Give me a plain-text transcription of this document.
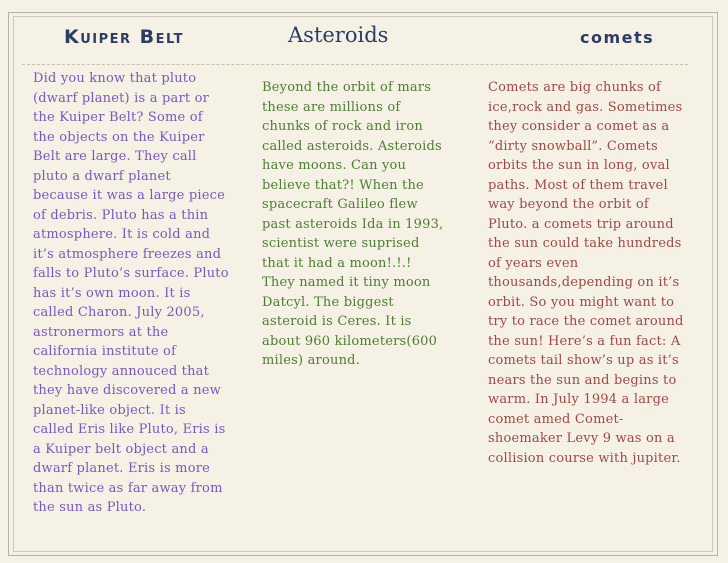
Kuiper Belt	Asteroids	comets

Did you know that pluto (dwarf planet) is a part or the Kuiper Belt? Some of the objects on the Kuiper Belt are large. They call pluto a dwarf planet because it was a large piece of debris. Pluto has a thin atmosphere. It is cold and it’s atmosphere freezes and falls to Pluto’s surface. Pluto has it’s own moon. It is called Charon. July 2005, astronermors at the california institute of technology annouced that they have discovered a new planet-like object. It is called Eris like Pluto, Eris is a Kuiper belt object and a dwarf planet. Eris is more than twice as far away from the sun as Pluto.

Beyond the orbit of mars these are millions of chunks of rock and iron called asteroids. Asteroids have moons. Can you believe that?! When the spacecraft Galileo flew past asteroids Ida in 1993, scientist were suprised that it had a moon!.!.! They named it tiny moon Datcyl. The biggest asteroid is Ceres. It is about 960 kilometers(600 miles) around.

Comets are big chunks of ice,rock and gas. Sometimes they consider a comet as a “dirty snowball”. Comets orbits the sun in long, oval paths. Most of them travel way beyond the orbit of Pluto. a comets trip around the sun could take hundreds of years even thousands,depending on it’s orbit. So you might want to try to race the comet around the sun! Here’s a fun fact: A comets tail show’s up as it’s nears the sun and begins to warm. In July 1994 a large comet amed Comet-shoemaker Levy 9 was on a collision course with jupiter.
